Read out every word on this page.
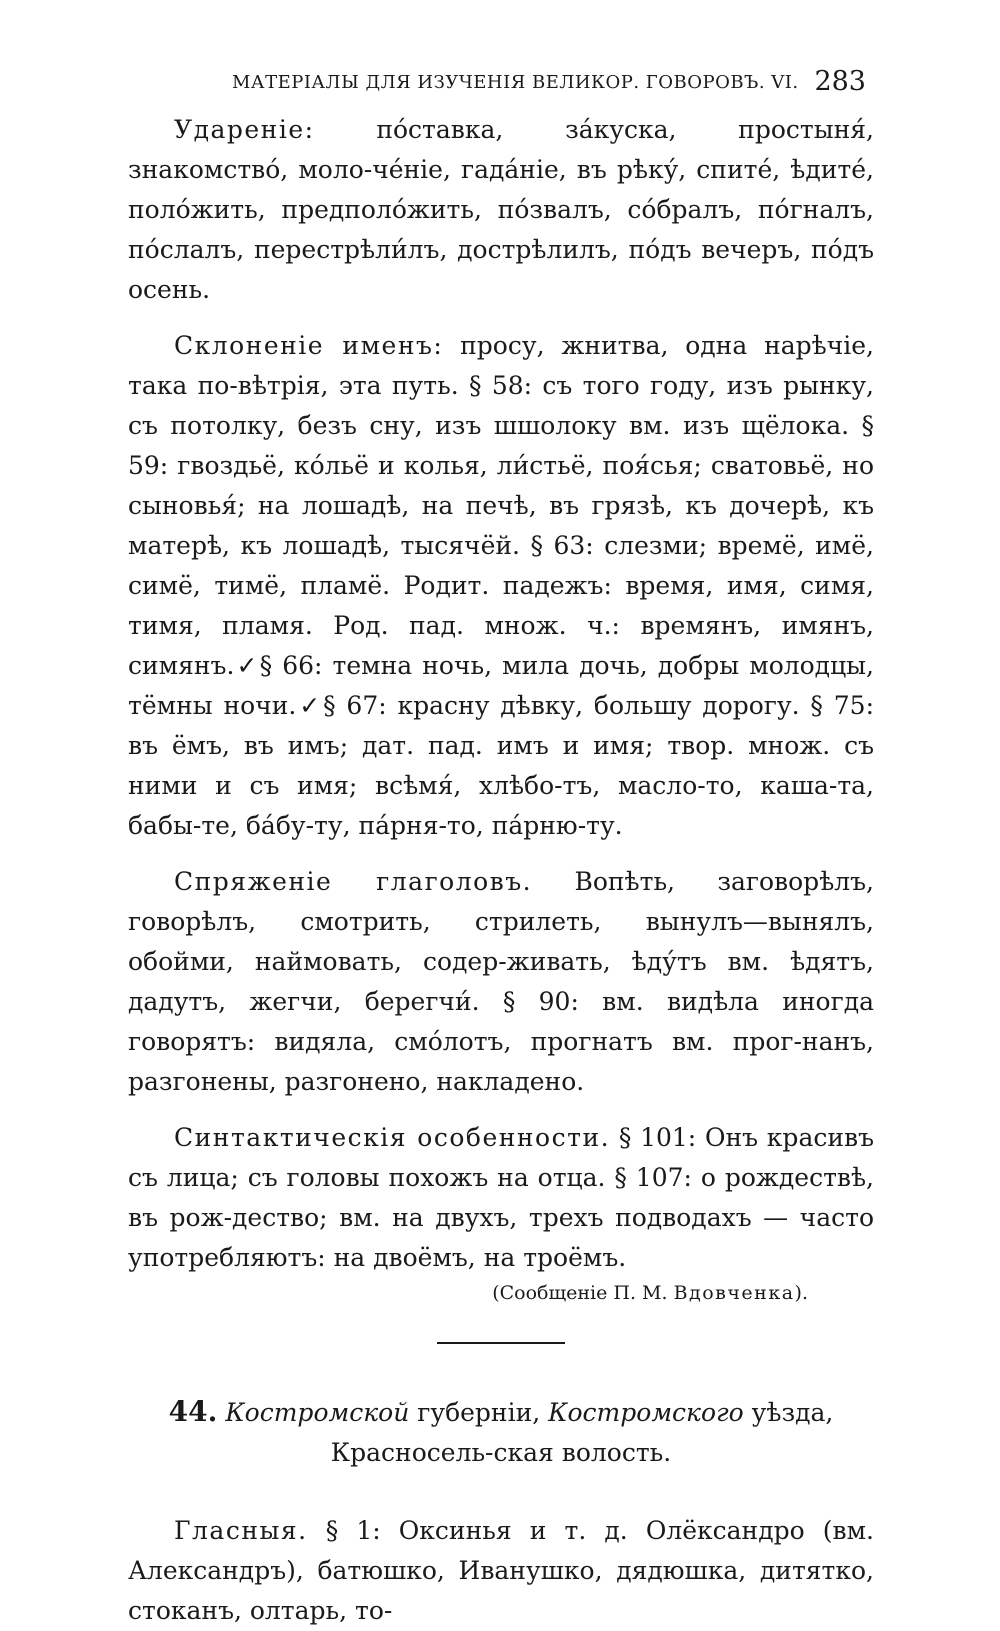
МАТЕРІАЛЫ ДЛЯ ИЗУЧЕНІЯ ВЕЛИКОР. ГОВОРОВЪ. VI. 283

Удареніе: по́ставка, за́куска, простыня́, знакомство́, моло-че́ніе, гада́ніе, въ рѣку́, спите́, ѣдите́, поло́жить, предполо́жить, по́звалъ, со́бралъ, по́гналъ, по́слалъ, перестрѣли́лъ, дострѣлилъ, по́дъ вечеръ, по́дъ осень.

Склоненіе именъ: просу, жнитва, одна нарѣчіе, така по-вѣтрія, эта путь. § 58: съ того году, изъ рынку, съ потолку, безъ сну, изъ шшолоку вм. изъ щёлока. § 59: гвоздьё, ко́льё и колья, ли́стьё, поя́сья; сватовьё, но сыновья́; на лошадѣ, на печѣ, въ грязѣ, къ дочерѣ, къ матерѣ, къ лошадѣ, тысячёй. § 63: слезми; времё, имё, симё, тимё, пламё. Родит. падежъ: время, имя, симя, тимя, пламя. Род. пад. множ. ч.: времянъ, имянъ, симянъ.✓§ 66: темна ночь, мила дочь, добры молодцы, тёмны ночи.✓§ 67: красну дѣвку, большу дорогу. § 75: въ ёмъ, въ имъ; дат. пад. имъ и имя; твор. множ. съ ними и съ имя; всѣмя́, хлѣбо-тъ, масло-то, каша-та, бабы-те, ба́бу-ту, па́рня-то, па́рню-ту.

Спряженіе глаголовъ. Вопѣть, заговорѣлъ, говорѣлъ, смотрить, стрилеть, вынулъ—вынялъ, обойми, наймовать, содер-живать, ѣду́тъ вм. ѣдятъ, дадутъ, жегчи, берегчи́. § 90: вм. видѣла иногда говорятъ: видяла, смо́лотъ, прогнатъ вм. прог-нанъ, разгонены, разгонено, накладено.

Синтактическія особенности. § 101: Онъ красивъ съ лица; съ головы похожъ на отца. § 107: о рождествѣ, въ рож-дество; вм. на двухъ, трехъ подводахъ — часто употребляютъ: на двоёмъ, на троёмъ.

(Сообщеніе П. М. Вдовченка).
44. Костромской губерніи, Костромского уѣзда, Красносель-ская волость.

Гласныя. § 1: Оксинья и т. д. Олёксандро (вм. Александръ), батюшко, Иванушко, дядюшка, дитятко, стоканъ, олтарь, то-
